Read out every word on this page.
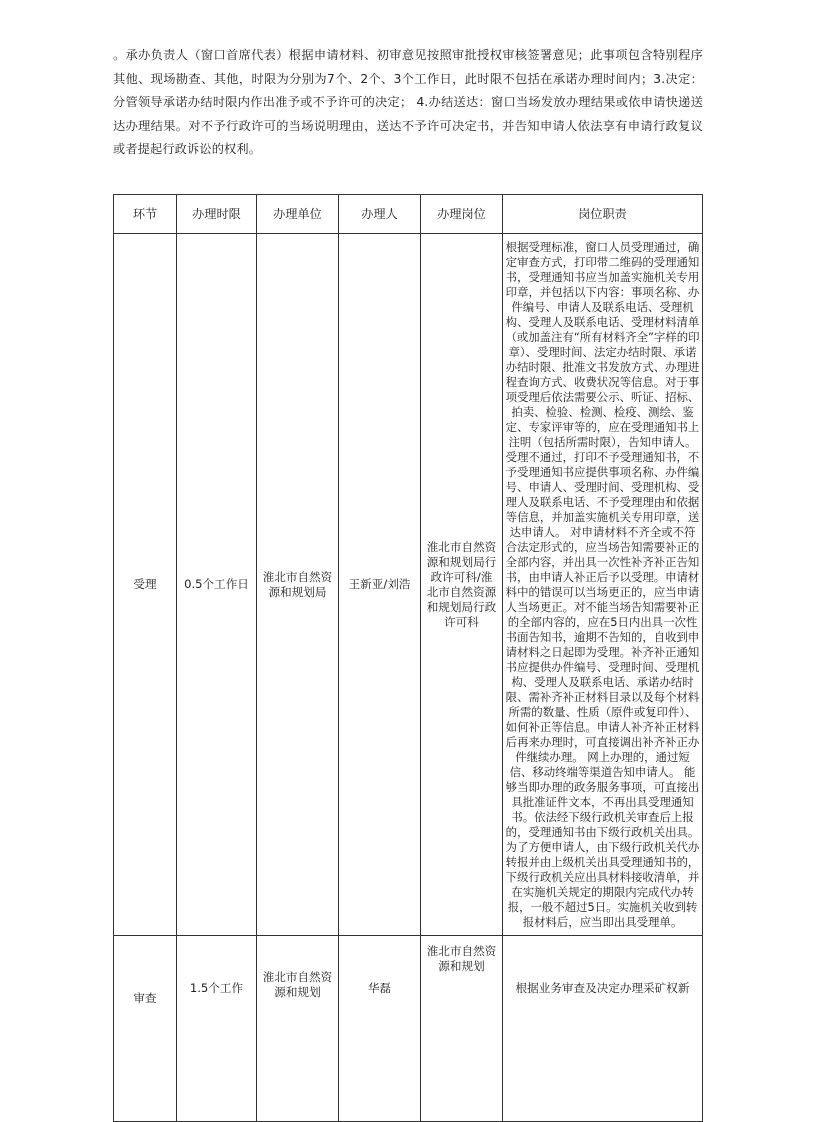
。承办负责人（窗口首席代表）根据申请材料、初审意见按照审批授权审核签署意见；此事项包含特别程序其他、现场勘查、其他，时限为分别为7个、2个、3个工作日，此时限不包括在承诺办理时间内；3.决定：分管领导承诺办结时限内作出准予或不予许可的决定； 4.办结送达：窗口当场发放办理结果或依申请快递送达办理结果。对不予行政许可的当场说明理由，送达不予许可决定书，并告知申请人依法享有申请行政复议或者提起行政诉讼的权利。
环节	办理时限	办理单位	办理人	办理岗位	岗位职责
受理	0.5个工作日	淮北市自然资源和规划局	王新亚/刘浩	淮北市自然资源和规划局行政许可科/淮北市自然资源和规划局行政许可科	根据受理标准，窗口人员受理通过，确定审查方式，打印带二维码的受理通知书，受理通知书应当加盖实施机关专用印章，并包括以下内容：事项名称、办件编号、申请人及联系电话、受理机构、受理人及联系电话、受理材料清单（或加盖注有“所有材料齐全”字样的印章）、受理时间、法定办结时限、承诺办结时限、批准文书发放方式、办理进程查询方式、收费状况等信息。对于事项受理后依法需要公示、听证、招标、拍卖、检验、检测、检疫、测绘、鉴定、专家评审等的，应在受理通知书上注明（包括所需时限），告知申请人。 受理不通过，打印不予受理通知书，不予受理通知书应提供事项名称、办件编号、申请人、受理时间、受理机构、受理人及联系电话、不予受理理由和依据等信息，并加盖实施机关专用印章，送达申请人。 对申请材料不齐全或不符合法定形式的，应当场告知需要补正的全部内容，并出具一次性补齐补正告知书，由申请人补正后予以受理。申请材料中的错误可以当场更正的，应当申请人当场更正。对不能当场告知需要补正的全部内容的，应在5日内出具一次性书面告知书，逾期不告知的，自收到申请材料之日起即为受理。补齐补正通知书应提供办件编号、受理时间、受理机构、受理人及联系电话、承诺办结时限、需补齐补正材料目录以及每个材料所需的数量、性质（原件或复印件）、如何补正等信息。申请人补齐补正材料后再来办理时，可直接调出补齐补正办件继续办理。 网上办理的，通过短信、移动终端等渠道告知申请人。 能够当即办理的政务服务事项，可直接出具批准证件文本，不再出具受理通知书。依法经下级行政机关审查后上报的，受理通知书由下级行政机关出具。为了方便申请人，由下级行政机关代办转报并由上级机关出具受理通知书的，下级行政机关应出具材料接收清单，并在实施机关规定的期限内完成代办转报，一般不超过5日。实施机关收到转报材料后，应当即出具受理单。
审查	1.5个工作	淮北市自然资源和规划	华磊	淮北市自然资源和规划	根据业务审查及决定办理采矿权新
